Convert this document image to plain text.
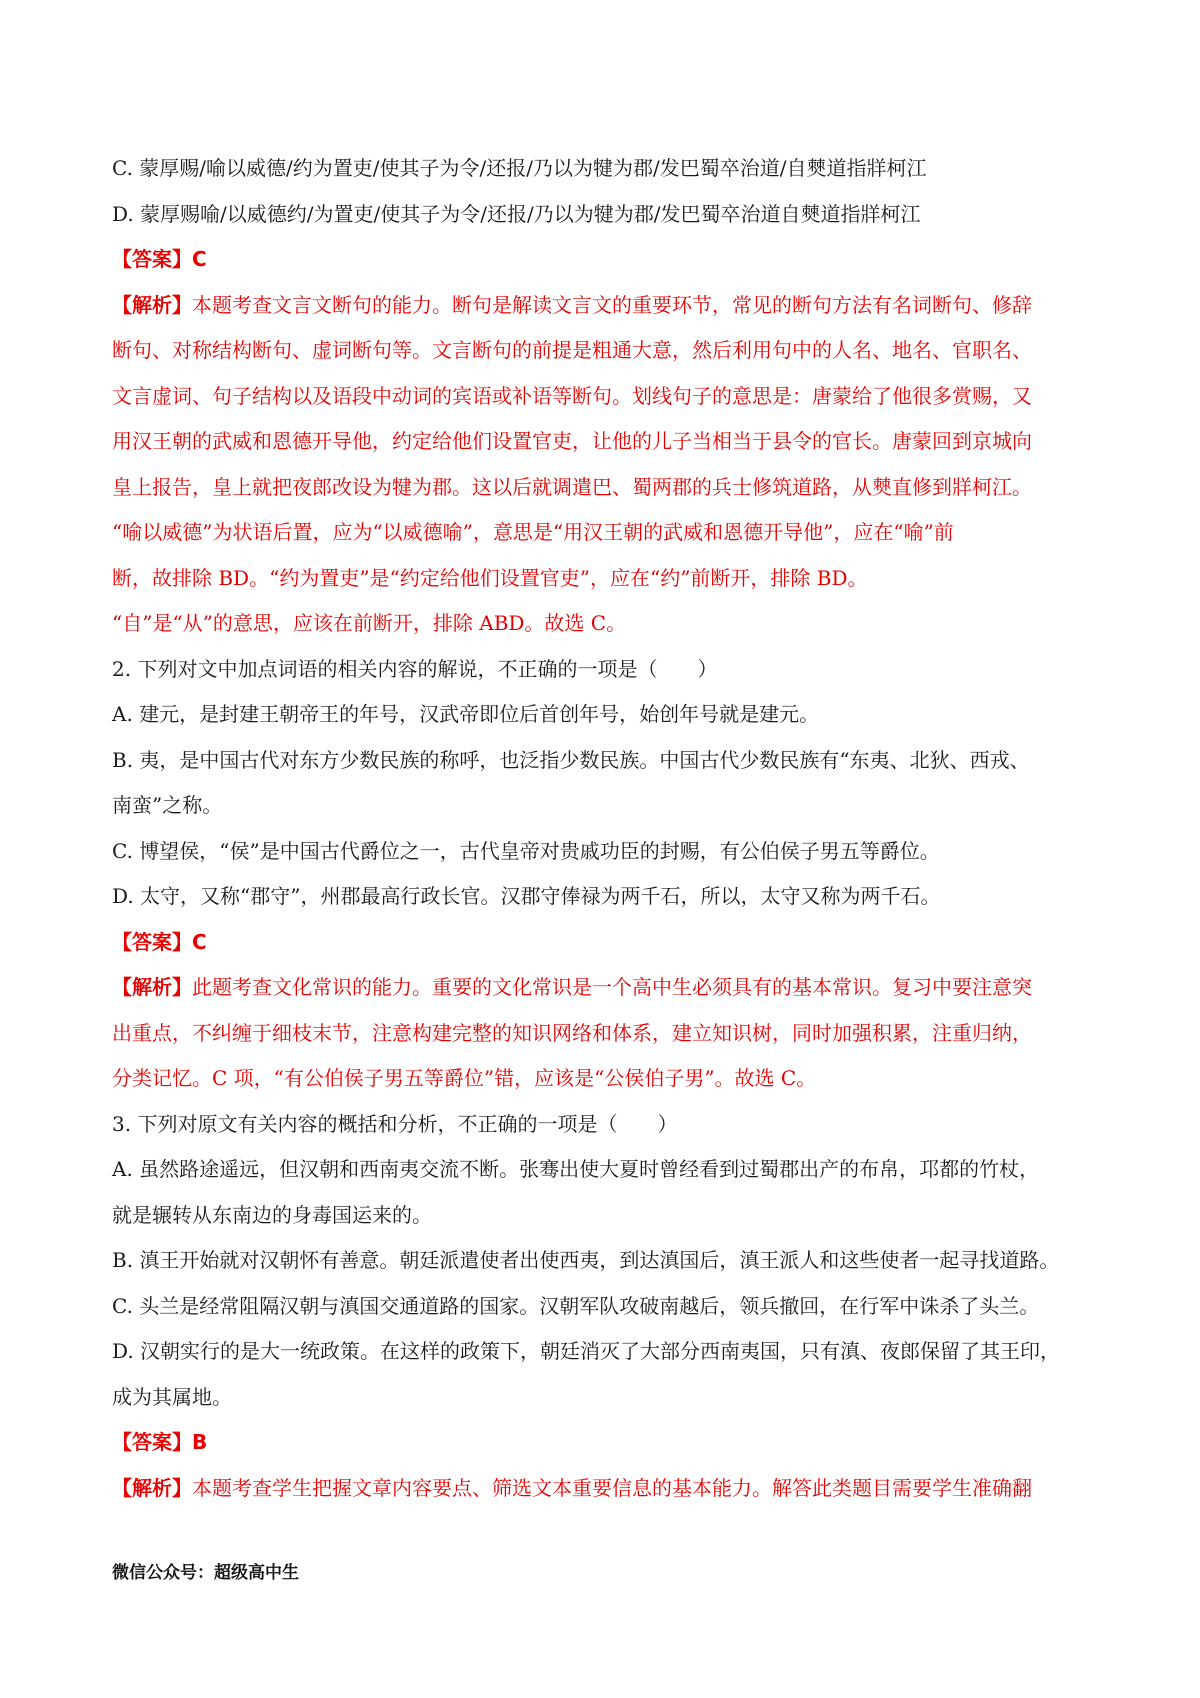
C. 蒙厚赐/喻以威德/约为置吏/使其子为令/还报/乃以为犍为郡/发巴蜀卒治道/自僰道指牂柯江

D. 蒙厚赐喻/以威德约/为置吏/使其子为令/还报/乃以为犍为郡/发巴蜀卒治道自僰道指牂柯江

【答案】C

【解析】本题考查文言文断句的能力。断句是解读文言文的重要环节，常见的断句方法有名词断句、修辞

断句、对称结构断句、虚词断句等。文言断句的前提是粗通大意，然后利用句中的人名、地名、官职名、

文言虚词、句子结构以及语段中动词的宾语或补语等断句。划线句子的意思是：唐蒙给了他很多赏赐，又

用汉王朝的武威和恩德开导他，约定给他们设置官吏，让他的儿子当相当于县令的官长。唐蒙回到京城向

皇上报告，皇上就把夜郎改设为犍为郡。这以后就调遣巴、蜀两郡的兵士修筑道路，从僰直修到牂柯江。

“喻以威德”为状语后置，应为“以威德喻”，意思是“用汉王朝的武威和恩德开导他”，应在“喻”前

断，故排除 BD。“约为置吏”是“约定给他们设置官吏”，应在“约”前断开，排除 BD。

“自”是“从”的意思，应该在前断开，排除 ABD。故选 C。

2. 下列对文中加点词语的相关内容的解说，不正确的一项是（　　）

A. 建元，是封建王朝帝王的年号，汉武帝即位后首创年号，始创年号就是建元。

B. 夷，是中国古代对东方少数民族的称呼，也泛指少数民族。中国古代少数民族有“东夷、北狄、西戎、

南蛮”之称。

C. 博望侯，“侯”是中国古代爵位之一，古代皇帝对贵戚功臣的封赐，有公伯侯子男五等爵位。

D. 太守，又称“郡守”，州郡最高行政长官。汉郡守俸禄为两千石，所以，太守又称为两千石。

【答案】C

【解析】此题考查文化常识的能力。重要的文化常识是一个高中生必须具有的基本常识。复习中要注意突

出重点，不纠缠于细枝末节，注意构建完整的知识网络和体系，建立知识树，同时加强积累，注重归纳，

分类记忆。C 项，“有公伯侯子男五等爵位”错，应该是“公侯伯子男”。故选 C。

3. 下列对原文有关内容的概括和分析，不正确的一项是（　　）

A. 虽然路途遥远，但汉朝和西南夷交流不断。张骞出使大夏时曾经看到过蜀郡出产的布帛，邛都的竹杖，

就是辗转从东南边的身毒国运来的。

B. 滇王开始就对汉朝怀有善意。朝廷派遣使者出使西夷，到达滇国后，滇王派人和这些使者一起寻找道路。

C. 头兰是经常阻隔汉朝与滇国交通道路的国家。汉朝军队攻破南越后，领兵撤回，在行军中诛杀了头兰。

D. 汉朝实行的是大一统政策。在这样的政策下，朝廷消灭了大部分西南夷国，只有滇、夜郎保留了其王印，

成为其属地。

【答案】B

【解析】本题考查学生把握文章内容要点、筛选文本重要信息的基本能力。解答此类题目需要学生准确翻

微信公众号：超级高中生
